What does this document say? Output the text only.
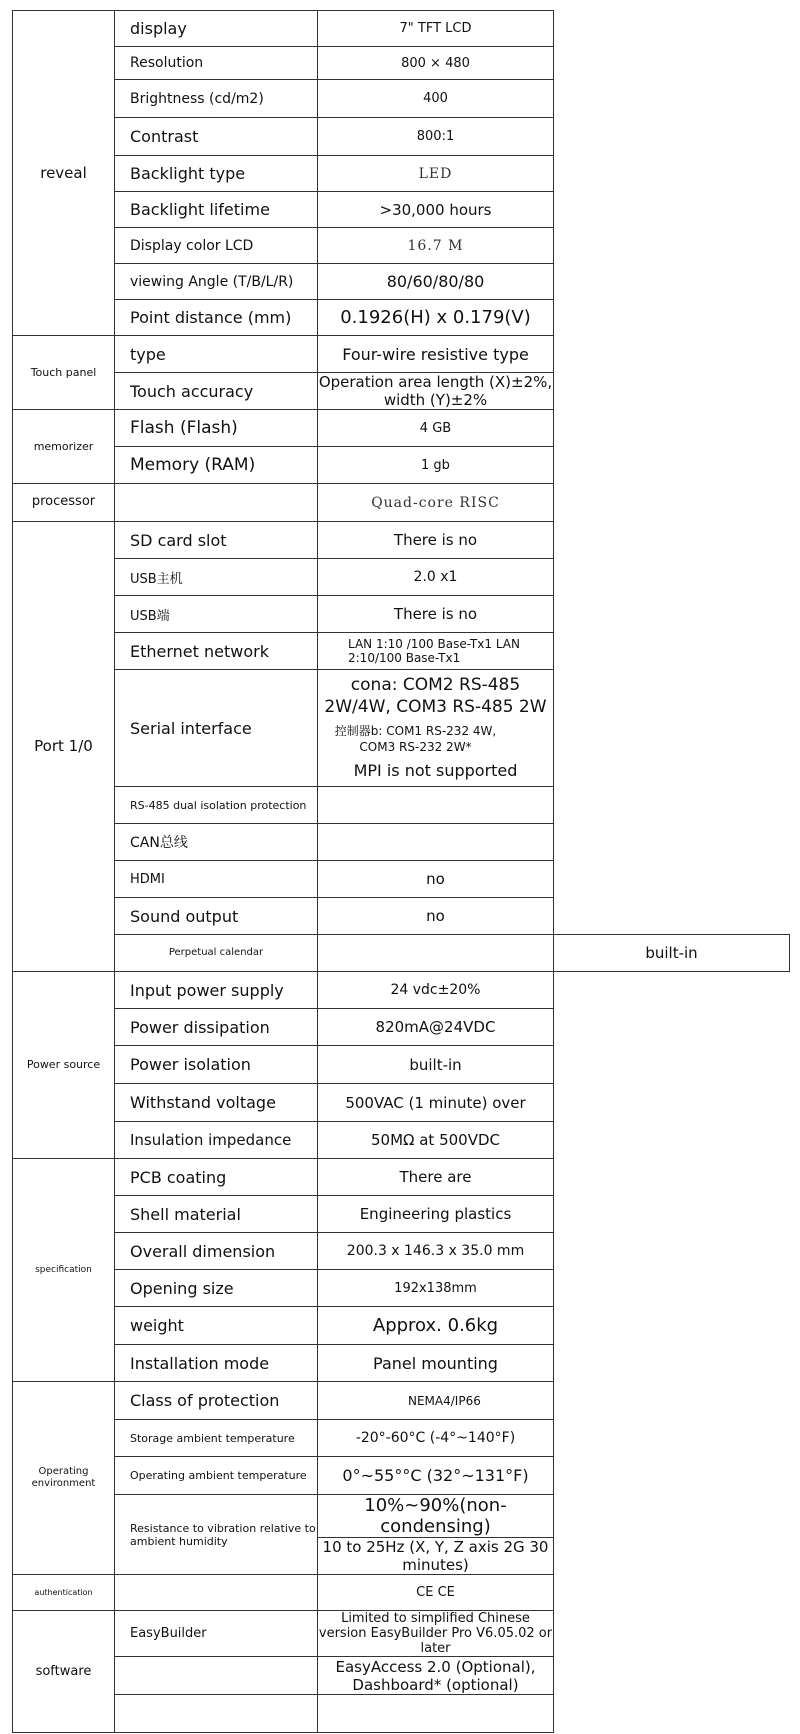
reveal	display	7" TFT LCD	
	Resolution	800 × 480	
	Brightness (cd/m2)	400	
	Contrast	800:1	
	Backlight type	LED	
	Backlight lifetime	>30,000 hours	
	Display color LCD	16.7 M	
	viewing Angle (T/B/L/R)	80/60/80/80	
	Point distance (mm)	0.1926(H) x 0.179(V)	
Touch panel	type	Four-wire resistive type	
	Touch accuracy	Operation area length (X)±2%, width (Y)±2%	
memorizer	Flash (Flash)	4 GB	
	Memory (RAM)	1 gb	
processor		Quad-core RISC	
Port 1/0	SD card slot	There is no	
	USB主机	2.0 x1	
	USB端	There is no	
	Ethernet network	LAN 1:10 /100 Base-Tx1 LAN 2:10/100 Base-Tx1	
	Serial interface	cona: COM2 RS-485 2W/4W, COM3 RS-485 2W
控制器b: COM1 RS-232 4W, COM3 RS-232 2W*
MPI is not supported	

	RS-485 dual isolation protection		
	CAN总线		
	HDMI	no	
	Sound output	no	
	Perpetual calendar		built-in
Power source	Input power supply	24 vdc±20%	
	Power dissipation	820mA@24VDC	
	Power isolation	built-in	
	Withstand voltage	500VAC (1 minute) over	
	Insulation impedance	50MΩ at 500VDC	
specification	PCB coating	There are	
	Shell material	Engineering plastics	
	Overall dimension	200.3 x 146.3 x 35.0 mm	
	Opening size	192x138mm	
	weight	Approx. 0.6kg	
	Installation mode	Panel mounting	
Operating environment	Class of protection	NEMA4/IP66	
	Storage ambient temperature	-20°-60°C (-4°~140°F)	
	Operating ambient temperature	0°~55°°C (32°~131°F)	
	Resistance to vibration relative to ambient humidity	10%~90%(non-condensing)	
		10 to 25Hz (X, Y, Z axis 2G 30 minutes)	
authentication		CE CE	
software	EasyBuilder	Limited to simplified Chinese version EasyBuilder Pro V6.05.02 or later	
		EasyAccess 2.0 (Optional), Dashboard* (optional)	
